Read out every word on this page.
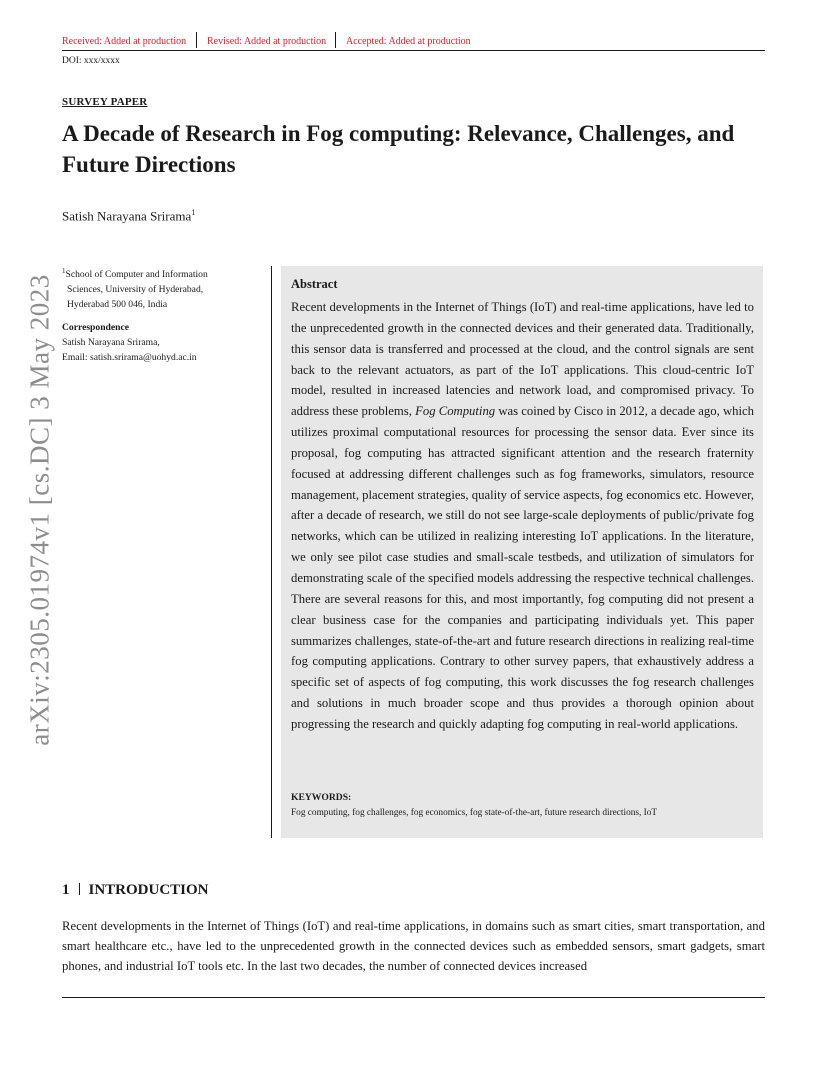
Received: Added at production Revised: Added at production Accepted: Added at production
DOI: xxx/xxxx
SURVEY PAPER
A Decade of Research in Fog computing: Relevance, Challenges, and Future Directions
Satish Narayana Srirama$^1$
arXiv:2305.01974v1 [cs.DC] 3 May 2023
$^1$School of Computer and Information
Sciences, University of Hyderabad,
Hyderabad 500 046, India
Correspondence
Satish Narayana Srirama,
Email: satish.srirama@uohyd.ac.in
Abstract

Recent developments in the Internet of Things (IoT) and real-time applications, have led to the unprecedented growth in the connected devices and their generated data. Traditionally, this sensor data is transferred and processed at the cloud, and the control signals are sent back to the relevant actuators, as part of the IoT applications. This cloud-centric IoT model, resulted in increased latencies and network load, and compromised privacy. To address these problems, Fog Computing was coined by Cisco in 2012, a decade ago, which utilizes proximal computational resources for processing the sensor data. Ever since its proposal, fog computing has attracted significant attention and the research fraternity focused at addressing different challenges such as fog frameworks, simulators, resource management, placement strategies, quality of service aspects, fog economics etc. However, after a decade of research, we still do not see large-scale deployments of public/private fog networks, which can be utilized in realizing interesting IoT applications. In the literature, we only see pilot case studies and small-scale testbeds, and utilization of simulators for demonstrating scale of the specified models addressing the respective technical challenges. There are several reasons for this, and most importantly, fog computing did not present a clear business case for the companies and participating individuals yet. This paper summarizes challenges, state-of-the-art and future research directions in realizing real-time fog computing applications. Contrary to other survey papers, that exhaustively address a specific set of aspects of fog computing, this work discusses the fog research challenges and solutions in much broader scope and thus provides a thorough opinion about progressing the research and quickly adapting fog computing in real-world applications.

KEYWORDS:
Fog computing, fog challenges, fog economics, fog state-of-the-art, future research directions, IoT
1 INTRODUCTION

Recent developments in the Internet of Things (IoT) and real-time applications, in domains such as smart cities, smart transportation, and smart healthcare etc., have led to the unprecedented growth in the connected devices such as embedded sensors, smart gadgets, smart phones, and industrial IoT tools etc. In the last two decades, the number of connected devices increased
